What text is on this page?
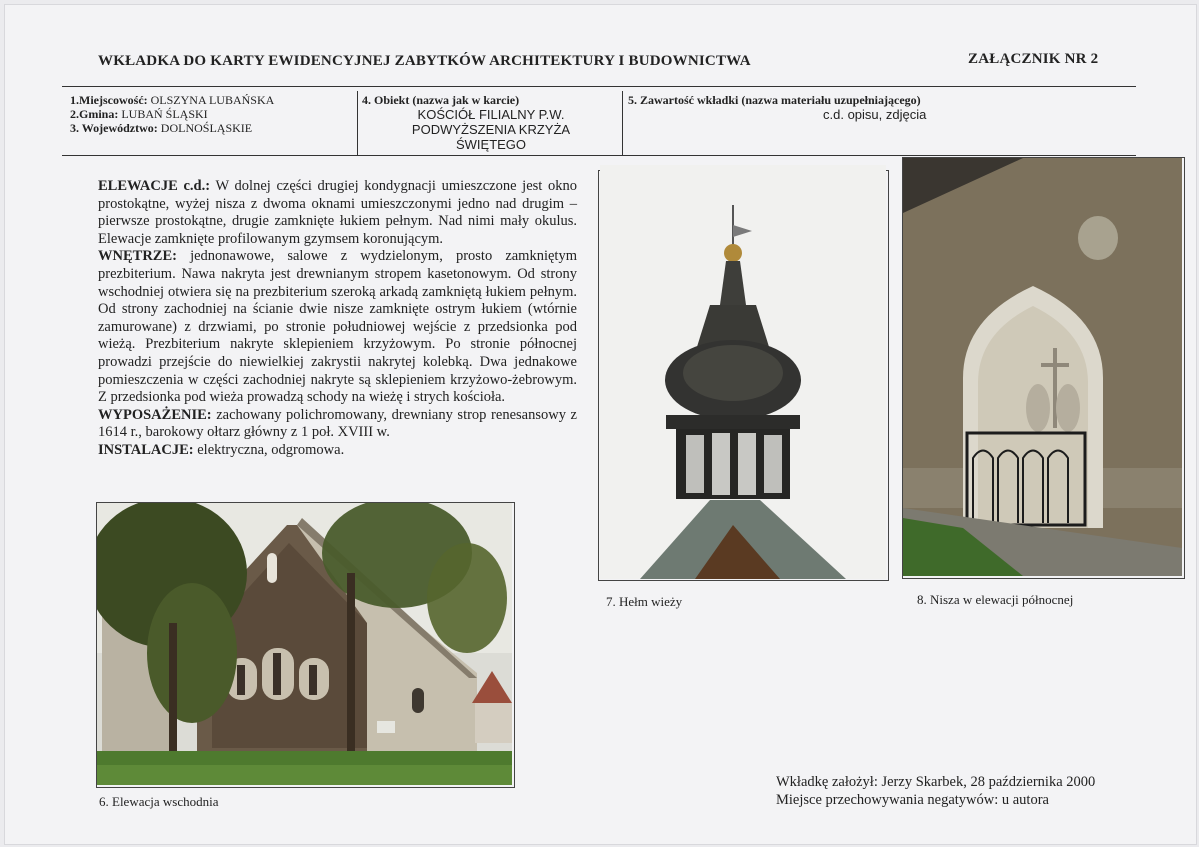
WKŁADKA DO KARTY EWIDENCYJNEJ ZABYTKÓW ARCHITEKTURY I BUDOWNICTWA	ZAŁĄCZNIK NR 2
1.Miejscowość: OLSZYNA LUBAŃSKA
2.Gmina: LUBAŃ ŚLĄSKI
3. Województwo: DOLNOŚLĄSKIE
4. Obiekt (nazwa jak w karcie)
KOŚCIÓŁ FILIALNY P.W.
PODWYŻSZENIA KRZYŻA
ŚWIĘTEGO
5. Zawartość wkładki (nazwa materiału uzupełniającego)
c.d. opisu, zdjęcia

ELEWACJE c.d.: W dolnej części drugiej kondygnacji umieszczone jest okno prostokątne, wyżej nisza z dwoma oknami umieszczonymi jedno nad drugim – pierwsze prostokątne, drugie zamknięte łukiem pełnym. Nad nimi mały okulus. Elewacje zamknięte profilowanym gzymsem koronującym.

WNĘTRZE: jednonawowe, salowe z wydzielonym, prosto zamkniętym prezbiterium. Nawa nakryta jest drewnianym stropem kasetonowym. Od strony wschodniej otwiera się na prezbiterium szeroką arkadą zamkniętą łukiem pełnym. Od strony zachodniej na ścianie dwie nisze zamknięte ostrym łukiem (wtórnie zamurowane) z drzwiami, po stronie południowej wejście z przedsionka pod wieżą. Prezbiterium nakryte sklepieniem krzyżowym. Po stronie północnej prowadzi przejście do niewielkiej zakrystii nakrytej kolebką. Dwa jednakowe pomieszczenia w części zachodniej nakryte są sklepieniem krzyżowo-żebrowym. Z przedsionka pod wieża prowadzą schody na wieżę i strych kościoła.

WYPOSAŻENIE: zachowany polichromowany, drewniany strop renesansowy z 1614 r., barokowy ołtarz główny z 1 poł. XVIII w.

INSTALACJE: elektryczna, odgromowa.

6. Elewacja wschodnia
7. Hełm wieży	8. Nisza w elewacji północnej
Wkładkę założył: Jerzy Skarbek, 28 października 2000
Miejsce przechowywania negatywów: u autora
